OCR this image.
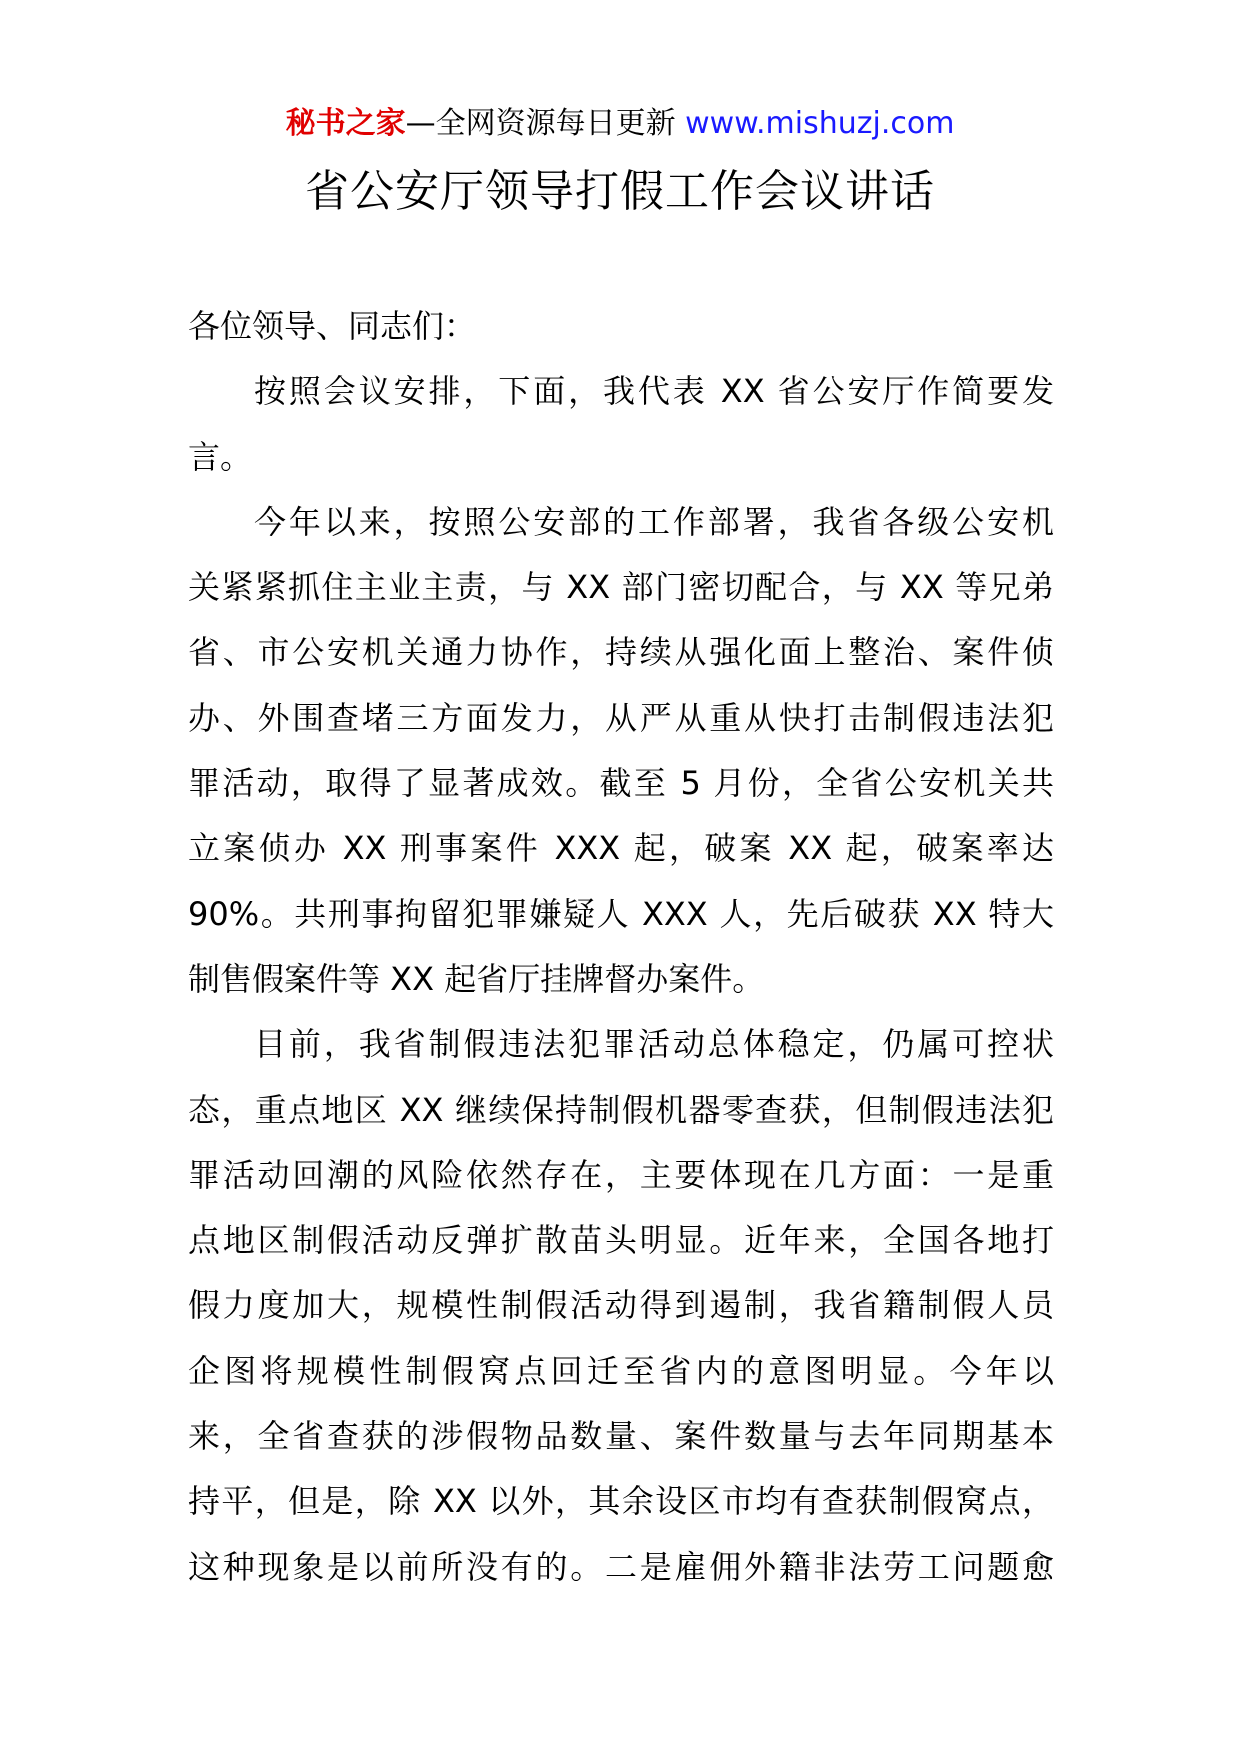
秘书之家—全网资源每日更新 www.mishuzj.com
省公安厅领导打假工作会议讲话
各位领导、同志们：
按照会议安排，下面，我代表 XX 省公安厅作简要发
言。
今年以来，按照公安部的工作部署，我省各级公安机
关紧紧抓住主业主责，与 XX 部门密切配合，与 XX 等兄弟
省、市公安机关通力协作，持续从强化面上整治、案件侦
办、外围查堵三方面发力，从严从重从快打击制假违法犯
罪活动，取得了显著成效。截至 5 月份，全省公安机关共
立案侦办 XX 刑事案件 XXX 起，破案 XX 起，破案率达
90%。共刑事拘留犯罪嫌疑人 XXX 人，先后破获 XX 特大
制售假案件等 XX 起省厅挂牌督办案件。
目前，我省制假违法犯罪活动总体稳定，仍属可控状
态，重点地区 XX 继续保持制假机器零查获，但制假违法犯
罪活动回潮的风险依然存在，主要体现在几方面：一是重
点地区制假活动反弹扩散苗头明显。近年来，全国各地打
假力度加大，规模性制假活动得到遏制，我省籍制假人员
企图将规模性制假窝点回迁至省内的意图明显。今年以
来，全省查获的涉假物品数量、案件数量与去年同期基本
持平，但是，除 XX 以外，其余设区市均有查获制假窝点，
这种现象是以前所没有的。二是雇佣外籍非法劳工问题愈
